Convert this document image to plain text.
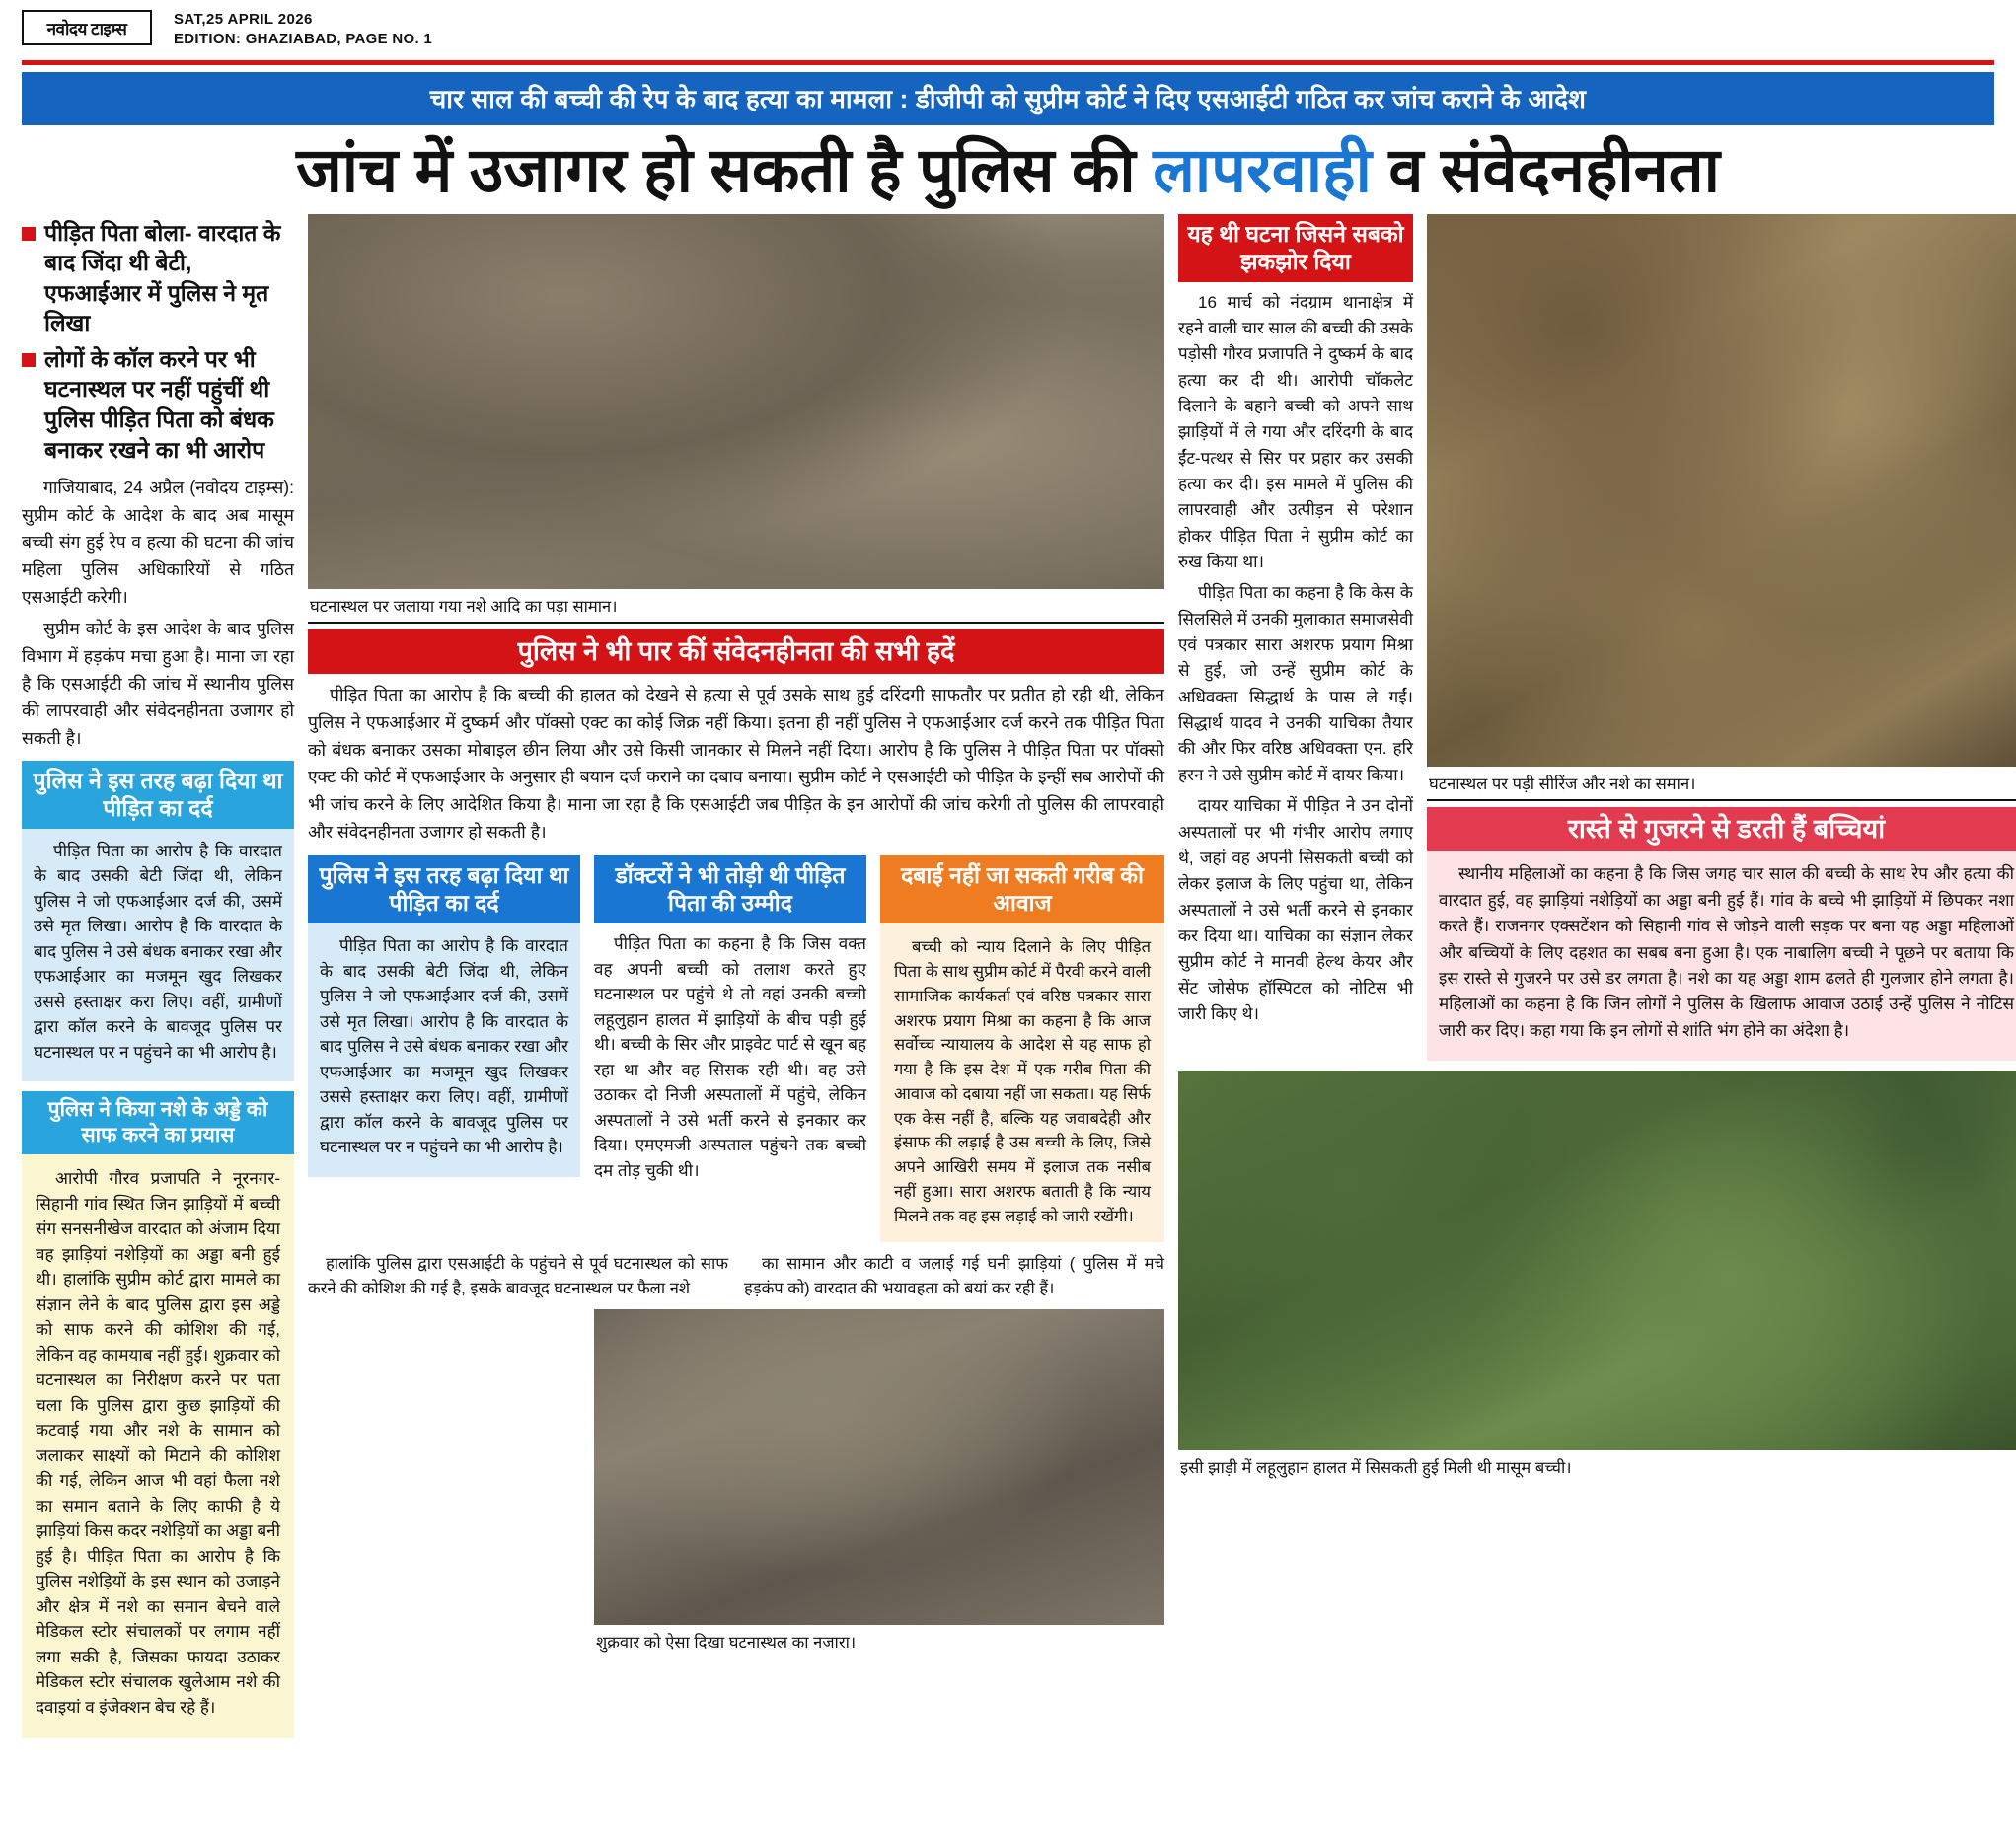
नवोदय टाइम्स	SAT,25 APRIL 2026
EDITION: GHAZIABAD, PAGE NO. 1
चार साल की बच्ची की रेप के बाद हत्या का मामला : डीजीपी को सुप्रीम कोर्ट ने दिए एसआईटी गठित कर जांच कराने के आदेश
जांच में उजागर हो सकती है पुलिस की लापरवाही व संवेदनहीनता
पीड़ित पिता बोला- वारदात के बाद जिंदा थी बेटी, एफआईआर में पुलिस ने मृत लिखा
लोगों के कॉल करने पर भी घटनास्थल पर नहीं पहुंचीं थी पुलिस पीड़ित पिता को बंधक बनाकर रखने का भी आरोप

गाजियाबाद, 24 अप्रैल (नवोदय टाइम्स): सुप्रीम कोर्ट के आदेश के बाद अब मासूम बच्ची संग हुई रेप व हत्या की घटना की जांच महिला पुलिस अधिकारियों से गठित एसआईटी करेगी।

सुप्रीम कोर्ट के इस आदेश के बाद पुलिस विभाग में हड़कंप मचा हुआ है। माना जा रहा है कि एसआईटी की जांच में स्थानीय पुलिस की लापरवाही और संवेदनहीनता उजागर हो सकती है।

पुलिस ने इस तरह बढ़ा दिया था पीड़ित का दर्द

पीड़ित पिता का आरोप है कि वारदात के बाद उसकी बेटी जिंदा थी, लेकिन पुलिस ने जो एफआईआर दर्ज की, उसमें उसे मृत लिखा। आरोप है कि वारदात के बाद पुलिस ने उसे बंधक बनाकर रखा और एफआईआर का मजमून खुद लिखकर उससे हस्ताक्षर करा लिए। वहीं, ग्रामीणों द्वारा कॉल करने के बावजूद पुलिस पर घटनास्थल पर न पहुंचने का भी आरोप है।

पुलिस ने किया नशे के अड्डे को साफ करने का प्रयास

आरोपी गौरव प्रजापति ने नूरनगर-सिहानी गांव स्थित जिन झाड़ियों में बच्ची संग सनसनीखेज वारदात को अंजाम दिया वह झाड़ियां नशेड़ियों का अड्डा बनी हुई थी। हालांकि सुप्रीम कोर्ट द्वारा मामले का संज्ञान लेने के बाद पुलिस द्वारा इस अड्डे को साफ करने की कोशिश की गई, लेकिन वह कामयाब नहीं हुई। शुक्रवार को घटनास्थल का निरीक्षण करने पर पता चला कि पुलिस द्वारा कुछ झाड़ियों की कटवाई गया और नशे के सामान को जलाकर साक्ष्यों को मिटाने की कोशिश की गई, लेकिन आज भी वहां फैला नशे का समान बताने के लिए काफी है ये झाड़ियां किस कदर नशेड़ियों का अड्डा बनी हुई है। पीड़ित पिता का आरोप है कि पुलिस नशेड़ियों के इस स्थान को उजाड़ने और क्षेत्र में नशे का समान बेचने वाले मेडिकल स्टोर संचालकों पर लगाम नहीं लगा सकी है, जिसका फायदा उठाकर मेडिकल स्टोर संचालक खुलेआम नशे की दवाइयां व इंजेक्शन बेच रहे हैं।

घटनास्थल पर जलाया गया नशे आदि का पड़ा सामान।
पुलिस ने भी पार कीं संवेदनहीनता की सभी हदें

पीड़ित पिता का आरोप है कि बच्ची की हालत को देखने से हत्या से पूर्व उसके साथ हुई दरिंदगी साफतौर पर प्रतीत हो रही थी, लेकिन पुलिस ने एफआईआर में दुष्कर्म और पॉक्सो एक्ट का कोई जिक्र नहीं किया। इतना ही नहीं पुलिस ने एफआईआर दर्ज करने तक पीड़ित पिता को बंधक बनाकर उसका मोबाइल छीन लिया और उसे किसी जानकार से मिलने नहीं दिया। आरोप है कि पुलिस ने पीड़ित पिता पर पॉक्सो एक्ट की कोर्ट में एफआईआर के अनुसार ही बयान दर्ज कराने का दबाव बनाया। सुप्रीम कोर्ट ने एसआईटी को पीड़ित के इन्हीं सब आरोपों की भी जांच करने के लिए आदेशित किया है। माना जा रहा है कि एसआईटी जब पीड़ित के इन आरोपों की जांच करेगी तो पुलिस की लापरवाही और संवेदनहीनता उजागर हो सकती है।

पुलिस ने इस तरह बढ़ा दिया था पीड़ित का दर्द

पीड़ित पिता का आरोप है कि वारदात के बाद उसकी बेटी जिंदा थी, लेकिन पुलिस ने जो एफआईआर दर्ज की, उसमें उसे मृत लिखा। आरोप है कि वारदात के बाद पुलिस ने उसे बंधक बनाकर रखा और एफआईआर का मजमून खुद लिखकर उससे हस्ताक्षर करा लिए। वहीं, ग्रामीणों द्वारा कॉल करने के बावजूद पुलिस पर घटनास्थल पर न पहुंचने का भी आरोप है।

डॉक्टरों ने भी तोड़ी थी पीड़ित पिता की उम्मीद

पीड़ित पिता का कहना है कि जिस वक्त वह अपनी बच्ची को तलाश करते हुए घटनास्थल पर पहुंचे थे तो वहां उनकी बच्ची लहूलुहान हालत में झाड़ियों के बीच पड़ी हुई थी। बच्ची के सिर और प्राइवेट पार्ट से खून बह रहा था और वह सिसक रही थी। वह उसे उठाकर दो निजी अस्पतालों में पहुंचे, लेकिन अस्पतालों ने उसे भर्ती करने से इनकार कर दिया। एमएमजी अस्पताल पहुंचने तक बच्ची दम तोड़ चुकी थी।

दबाई नहीं जा सकती गरीब की आवाज

बच्ची को न्याय दिलाने के लिए पीड़ित पिता के साथ सुप्रीम कोर्ट में पैरवी करने वाली सामाजिक कार्यकर्ता एवं वरिष्ठ पत्रकार सारा अशरफ प्रयाग मिश्रा का कहना है कि आज सर्वोच्च न्यायालय के आदेश से यह साफ हो गया है कि इस देश में एक गरीब पिता की आवाज को दबाया नहीं जा सकता। यह सिर्फ एक केस नहीं है, बल्कि यह जवाबदेही और इंसाफ की लड़ाई है उस बच्ची के लिए, जिसे अपने आखिरी समय में इलाज तक नसीब नहीं हुआ। सारा अशरफ बताती है कि न्याय मिलने तक वह इस लड़ाई को जारी रखेंगी।

हालांकि पुलिस द्वारा एसआईटी के पहुंचने से पूर्व घटनास्थल को साफ करने की कोशिश की गई है, इसके बावजूद घटनास्थल पर फैला नशे

का सामान और काटी व जलाई गई घनी झाड़ियां ( पुलिस में मचे हड़कंप को) वारदात की भयावहता को बयां कर रही हैं।

शुक्रवार को ऐसा दिखा घटनास्थल का नजारा।
यह थी घटना जिसने सबको झकझोर दिया

16 मार्च को नंदग्राम थानाक्षेत्र में रहने वाली चार साल की बच्ची की उसके पड़ोसी गौरव प्रजापति ने दुष्कर्म के बाद हत्या कर दी थी। आरोपी चॉकलेट दिलाने के बहाने बच्ची को अपने साथ झाड़ियों में ले गया और दरिंदगी के बाद ईंट-पत्थर से सिर पर प्रहार कर उसकी हत्या कर दी। इस मामले में पुलिस की लापरवाही और उत्पीड़न से परेशान होकर पीड़ित पिता ने सुप्रीम कोर्ट का रुख किया था।

पीड़ित पिता का कहना है कि केस के सिलसिले में उनकी मुलाकात समाजसेवी एवं पत्रकार सारा अशरफ प्रयाग मिश्रा से हुई, जो उन्हें सुप्रीम कोर्ट के अधिवक्ता सिद्धार्थ के पास ले गईं। सिद्धार्थ यादव ने उनकी याचिका तैयार की और फिर वरिष्ठ अधिवक्ता एन. हरि हरन ने उसे सुप्रीम कोर्ट में दायर किया।

दायर याचिका में पीड़ित ने उन दोनों अस्पतालों पर भी गंभीर आरोप लगाए थे, जहां वह अपनी सिसकती बच्ची को लेकर इलाज के लिए पहुंचा था, लेकिन अस्पतालों ने उसे भर्ती करने से इनकार कर दिया था। याचिका का संज्ञान लेकर सुप्रीम कोर्ट ने मानवी हेल्थ केयर और सेंट जोसेफ हॉस्पिटल को नोटिस भी जारी किए थे।

घटनास्थल पर पड़ी सीरिंज और नशे का समान।
रास्ते से गुजरने से डरती हैं बच्चियां

स्थानीय महिलाओं का कहना है कि जिस जगह चार साल की बच्ची के साथ रेप और हत्या की वारदात हुई, वह झाड़ियां नशेड़ियों का अड्डा बनी हुई हैं। गांव के बच्चे भी झाड़ियों में छिपकर नशा करते हैं। राजनगर एक्सटेंशन को सिहानी गांव से जोड़ने वाली सड़क पर बना यह अड्डा महिलाओं और बच्चियों के लिए दहशत का सबब बना हुआ है। एक नाबालिग बच्ची ने पूछने पर बताया कि इस रास्ते से गुजरने पर उसे डर लगता है। नशे का यह अड्डा शाम ढलते ही गुलजार होने लगता है। महिलाओं का कहना है कि जिन लोगों ने पुलिस के खिलाफ आवाज उठाई उन्हें पुलिस ने नोटिस जारी कर दिए। कहा गया कि इन लोगों से शांति भंग होने का अंदेशा है।

इसी झाड़ी में लहूलुहान हालत में सिसकती हुई मिली थी मासूम बच्ची।
